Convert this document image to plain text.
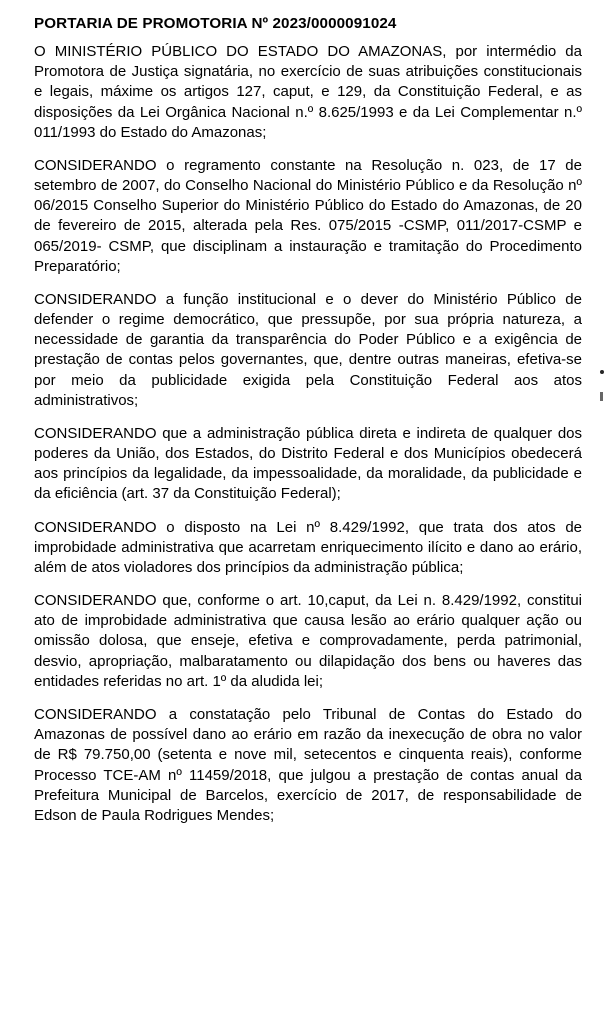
PORTARIA DE PROMOTORIA Nº 2023/0000091024

O MINISTÉRIO PÚBLICO DO ESTADO DO AMAZONAS, por intermédio da Promotora de Justiça signatária, no exercício de suas atribuições constitucionais e legais, máxime os artigos 127, caput, e 129, da Constituição Federal, e as disposições da Lei Orgânica Nacional n.º 8.625/1993 e da Lei Complementar n.º 011/1993 do Estado do Amazonas;

CONSIDERANDO o regramento constante na Resolução n. 023, de 17 de setembro de 2007, do Conselho Nacional do Ministério Público e da Resolução nº 06/2015 Conselho Superior do Ministério Público do Estado do Amazonas, de 20 de fevereiro de 2015, alterada pela Res. 075/2015 -CSMP, 011/2017-CSMP e 065/2019- CSMP, que disciplinam a instauração e tramitação do Procedimento Preparatório;

CONSIDERANDO a função institucional e o dever do Ministério Público de defender o regime democrático, que pressupõe, por sua própria natureza, a necessidade de garantia da transparência do Poder Público e a exigência de prestação de contas pelos governantes, que, dentre outras maneiras, efetiva-se por meio da publicidade exigida pela Constituição Federal aos atos administrativos;

CONSIDERANDO que a administração pública direta e indireta de qualquer dos poderes da União, dos Estados, do Distrito Federal e dos Municípios obedecerá aos princípios da legalidade, da impessoalidade, da moralidade, da publicidade e da eficiência (art. 37 da Constituição Federal);

CONSIDERANDO o disposto na Lei nº 8.429/1992, que trata dos atos de improbidade administrativa que acarretam enriquecimento ilícito e dano ao erário, além de atos violadores dos princípios da administração pública;

CONSIDERANDO que, conforme o art. 10,caput, da Lei n. 8.429/1992, constitui ato de improbidade administrativa que causa lesão ao erário qualquer ação ou omissão dolosa, que enseje, efetiva e comprovadamente, perda patrimonial, desvio, apropriação, malbaratamento ou dilapidação dos bens ou haveres das entidades referidas no art. 1º da aludida lei;

CONSIDERANDO a constatação pelo Tribunal de Contas do Estado do Amazonas de possível dano ao erário em razão da inexecução de obra no valor de R$ 79.750,00 (setenta e nove mil, setecentos e cinquenta reais), conforme Processo TCE-AM nº 11459/2018, que julgou a prestação de contas anual da Prefeitura Municipal de Barcelos, exercício de 2017, de responsabilidade de Edson de Paula Rodrigues Mendes;
